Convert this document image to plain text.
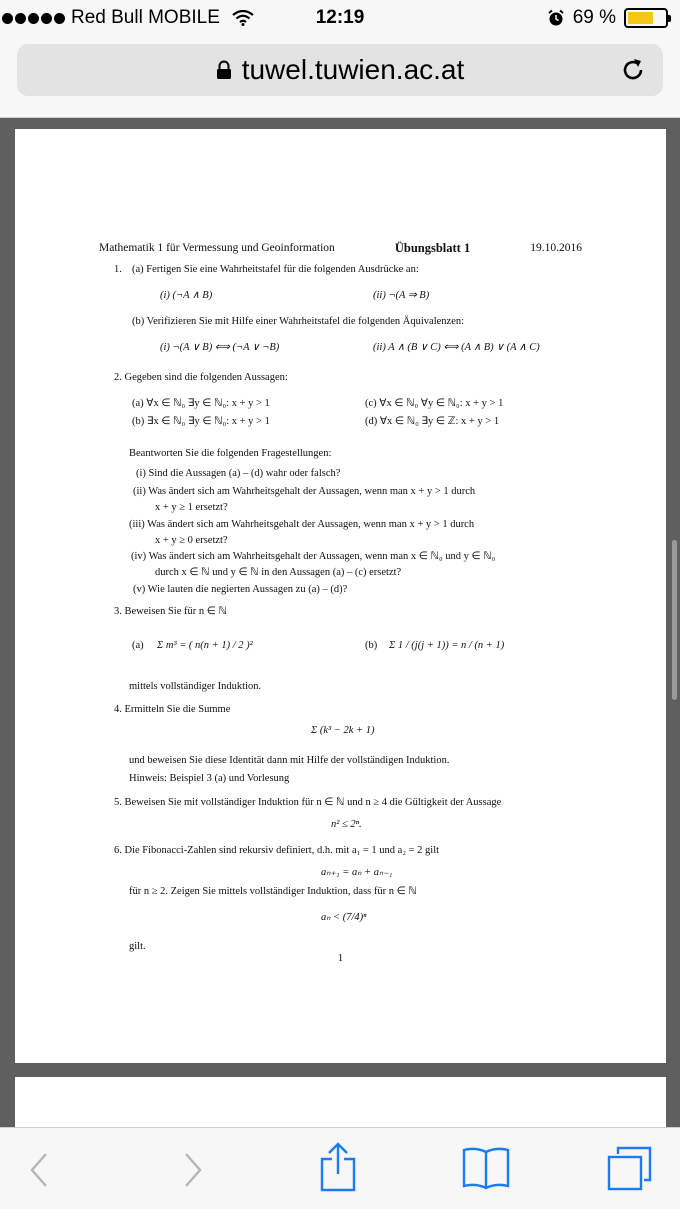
Red Bull MOBILE	12:19	69 %
tuwel.tuwien.ac.at
Mathematik 1 für Vermessung und Geoinformation	Übungsblatt 1	19.10.2016
1. (a) Fertigen Sie eine Wahrheitstafel für die folgenden Ausdrücke an:
(i) (¬A ∧ B)	(ii) ¬(A ⇒ B)
(b) Verifizieren Sie mit Hilfe einer Wahrheitstafel die folgenden Äquivalenzen:
(i) ¬(A ∨ B) ⟺ (¬A ∨ ¬B)	(ii) A ∧ (B ∨ C) ⟺ (A ∧ B) ∨ (A ∧ C)
2. Gegeben sind die folgenden Aussagen:
(a) ∀x ∈ ℕ₀ ∃y ∈ ℕ₀: x + y > 1	(c) ∀x ∈ ℕ₀ ∀y ∈ ℕ₀: x + y > 1
(b) ∃x ∈ ℕ₀ ∃y ∈ ℕ₀: x + y > 1	(d) ∀x ∈ ℕ₀ ∃y ∈ ℤ: x + y > 1
Beantworten Sie die folgenden Fragestellungen:
(i) Sind die Aussagen (a) – (d) wahr oder falsch?
(ii) Was ändert sich am Wahrheitsgehalt der Aussagen, wenn man x + y > 1 durch
x + y ≥ 1 ersetzt?
(iii) Was ändert sich am Wahrheitsgehalt der Aussagen, wenn man x + y > 1 durch
x + y ≥ 0 ersetzt?
(iv) Was ändert sich am Wahrheitsgehalt der Aussagen, wenn man x ∈ ℕ₀ und y ∈ ℕ₀
durch x ∈ ℕ und y ∈ ℕ in den Aussagen (a) – (c) ersetzt?
(v) Wie lauten die negierten Aussagen zu (a) – (d)?
3. Beweisen Sie für n ∈ ℕ
(a) Σ m³ = ( n(n + 1) / 2 )²	(b) Σ 1 / (j(j + 1)) = n / (n + 1)
mittels vollständiger Induktion.
4. Ermitteln Sie die Summe
Σ (k³ − 2k + 1)
und beweisen Sie diese Identität dann mit Hilfe der vollständigen Induktion.
Hinweis: Beispiel 3 (a) und Vorlesung
5. Beweisen Sie mit vollständiger Induktion für n ∈ ℕ und n ≥ 4 die Gültigkeit der Aussage
n² ≤ 2ⁿ.
6. Die Fibonacci-Zahlen sind rekursiv definiert, d.h. mit a₁ = 1 und a₂ = 2 gilt
aₙ₊₁ = aₙ + aₙ₋₁
für n ≥ 2. Zeigen Sie mittels vollständiger Induktion, dass für n ∈ ℕ
aₙ < (7/4)ⁿ
gilt.
1
